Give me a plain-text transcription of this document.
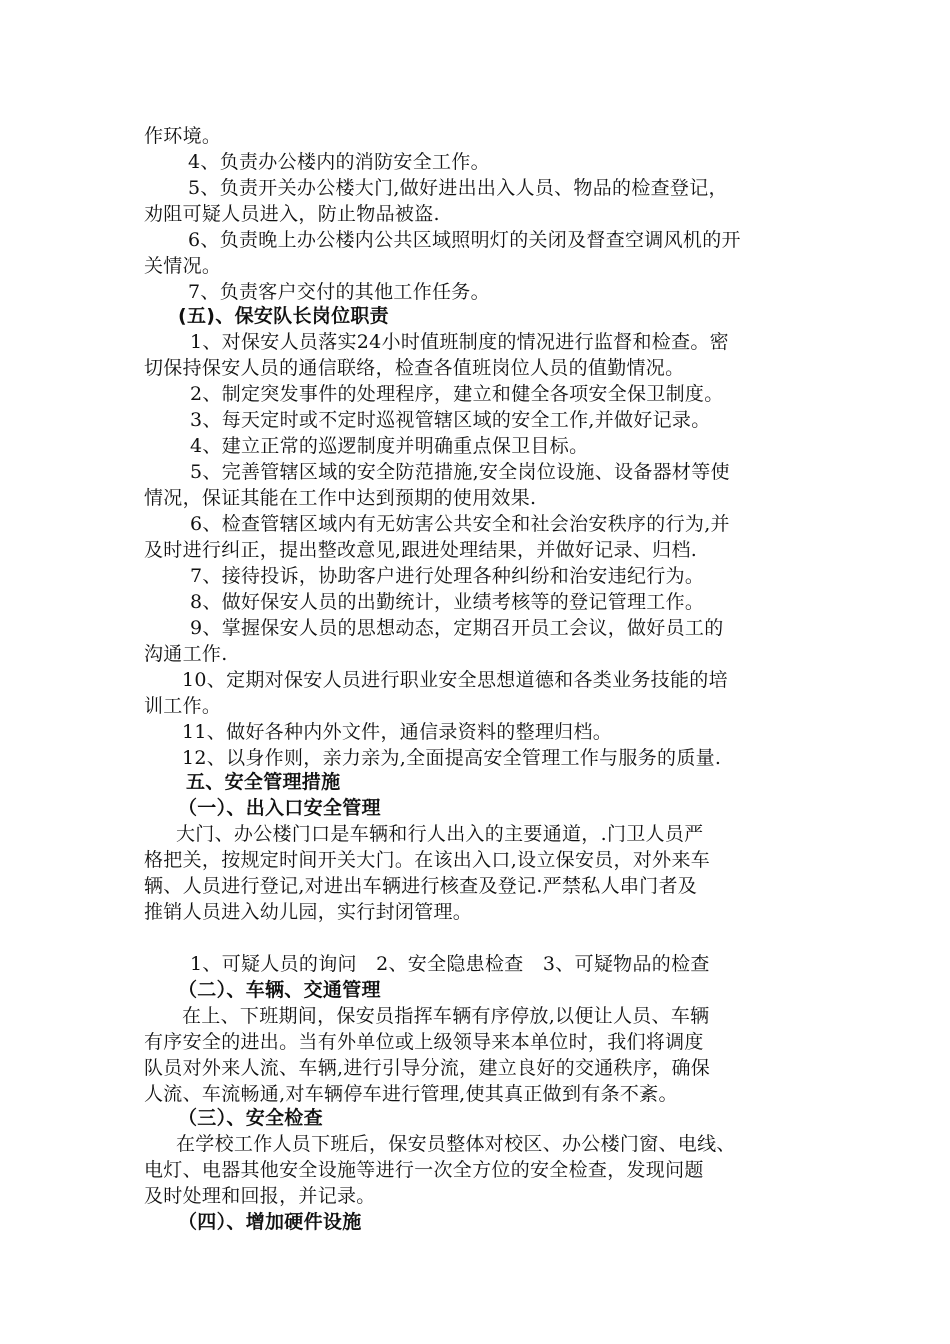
作环境。
4、负责办公楼内的消防安全工作。
5、负责开关办公楼大门,做好进出出入人员、物品的检查登记，
劝阻可疑人员进入，防止物品被盗.
6、负责晚上办公楼内公共区域照明灯的关闭及督查空调风机的开
关情况。
7、负责客户交付的其他工作任务。
(五)、保安队长岗位职责
1、对保安人员落实24小时值班制度的情况进行监督和检查。密
切保持保安人员的通信联络，检查各值班岗位人员的值勤情况。
2、制定突发事件的处理程序，建立和健全各项安全保卫制度。
3、每天定时或不定时巡视管辖区域的安全工作,并做好记录。
4、建立正常的巡逻制度并明确重点保卫目标。
5、完善管辖区域的安全防范措施,安全岗位设施、设备器材等使
情况，保证其能在工作中达到预期的使用效果.
6、检查管辖区域内有无妨害公共安全和社会治安秩序的行为,并
及时进行纠正，提出整改意见,跟进处理结果，并做好记录、归档.
7、接待投诉，协助客户进行处理各种纠纷和治安违纪行为。
8、做好保安人员的出勤统计，业绩考核等的登记管理工作。
9、掌握保安人员的思想动态，定期召开员工会议，做好员工的
沟通工作.
10、定期对保安人员进行职业安全思想道德和各类业务技能的培
训工作。
11、做好各种内外文件，通信录资料的整理归档。
12、以身作则，亲力亲为,全面提高安全管理工作与服务的质量.
五、安全管理措施
（一）、出入口安全管理
大门、办公楼门口是车辆和行人出入的主要通道，.门卫人员严
格把关，按规定时间开关大门。在该出入口,设立保安员，对外来车
辆、人员进行登记,对进出车辆进行核查及登记.严禁私人串门者及
推销人员进入幼儿园，实行封闭管理。
1、可疑人员的询问　2、安全隐患检查　3、可疑物品的检查
（二）、车辆、交通管理
在上、下班期间，保安员指挥车辆有序停放,以便让人员、车辆
有序安全的进出。当有外单位或上级领导来本单位时，我们将调度
队员对外来人流、车辆,进行引导分流，建立良好的交通秩序，确保
人流、车流畅通,对车辆停车进行管理,使其真正做到有条不紊。
（三）、安全检查
在学校工作人员下班后，保安员整体对校区、办公楼门窗、电线、
电灯、电器其他安全设施等进行一次全方位的安全检查，发现问题
及时处理和回报，并记录。
（四）、增加硬件设施
